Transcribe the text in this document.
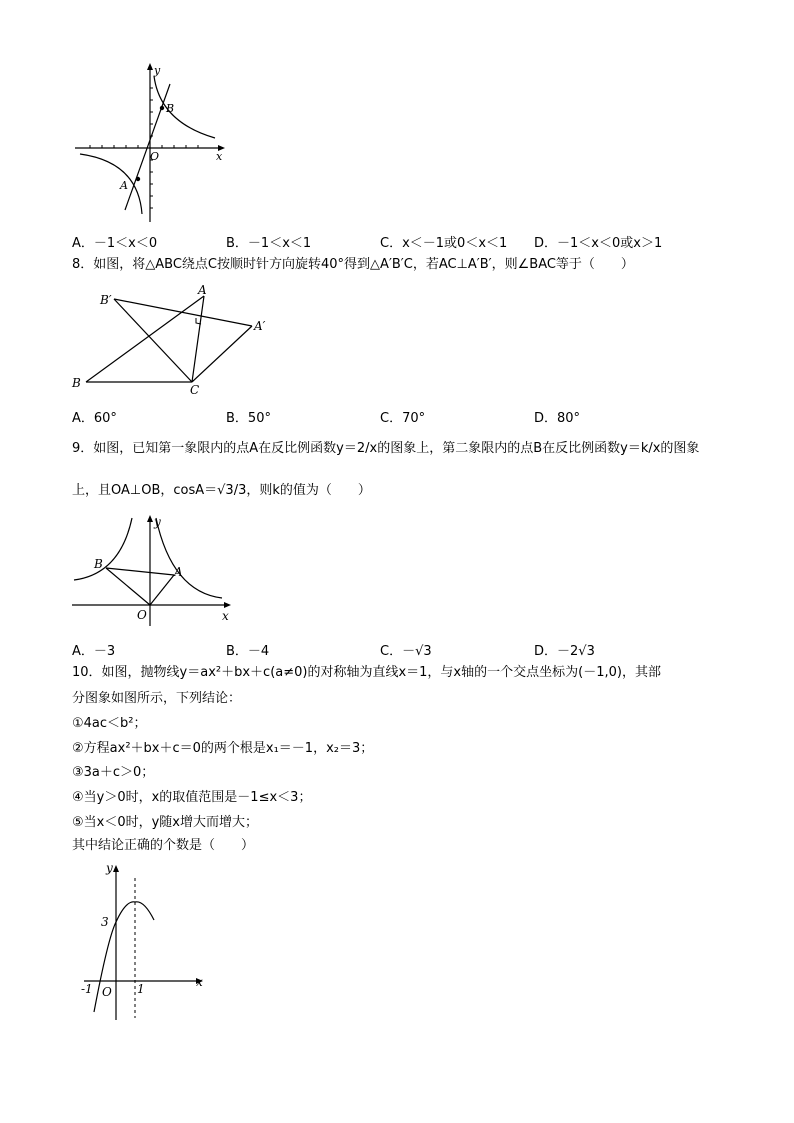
y
x
O
B
A
A．－1＜x＜0	B．－1＜x＜1	C．x＜－1或0＜x＜1 D．－1＜x＜0或x＞1
8．如图，将△ABC绕点C按顺时针方向旋转40°得到△A′B′C，若AC⊥A′B′，则∠BAC等于（　　）
A
B′
A′
B	C
A．60°	B．50°	C．70°	D．80°
9．如图，已知第一象限内的点A在反比例函数y＝2/x的图象上，第二象限内的点B在反比例函数y＝k/x的图象
上，且OA⊥OB，cosA＝√3/3，则k的值为（　　）
y
x
O
B
A
A．－3	B．－4	C．－√3	D．－2√3
10．如图，抛物线y＝ax²＋bx＋c(a≠0)的对称轴为直线x＝1，与x轴的一个交点坐标为(－1,0)，其部
分图象如图所示，下列结论：
①4ac＜b²；
②方程ax²＋bx＋c＝0的两个根是x₁＝－1，x₂＝3；
③3a＋c＞0；
④当y＞0时，x的取值范围是－1≤x＜3；
⑤当x＜0时，y随x增大而增大；
其中结论正确的个数是（　　）
y
x
3
-1 O 1
